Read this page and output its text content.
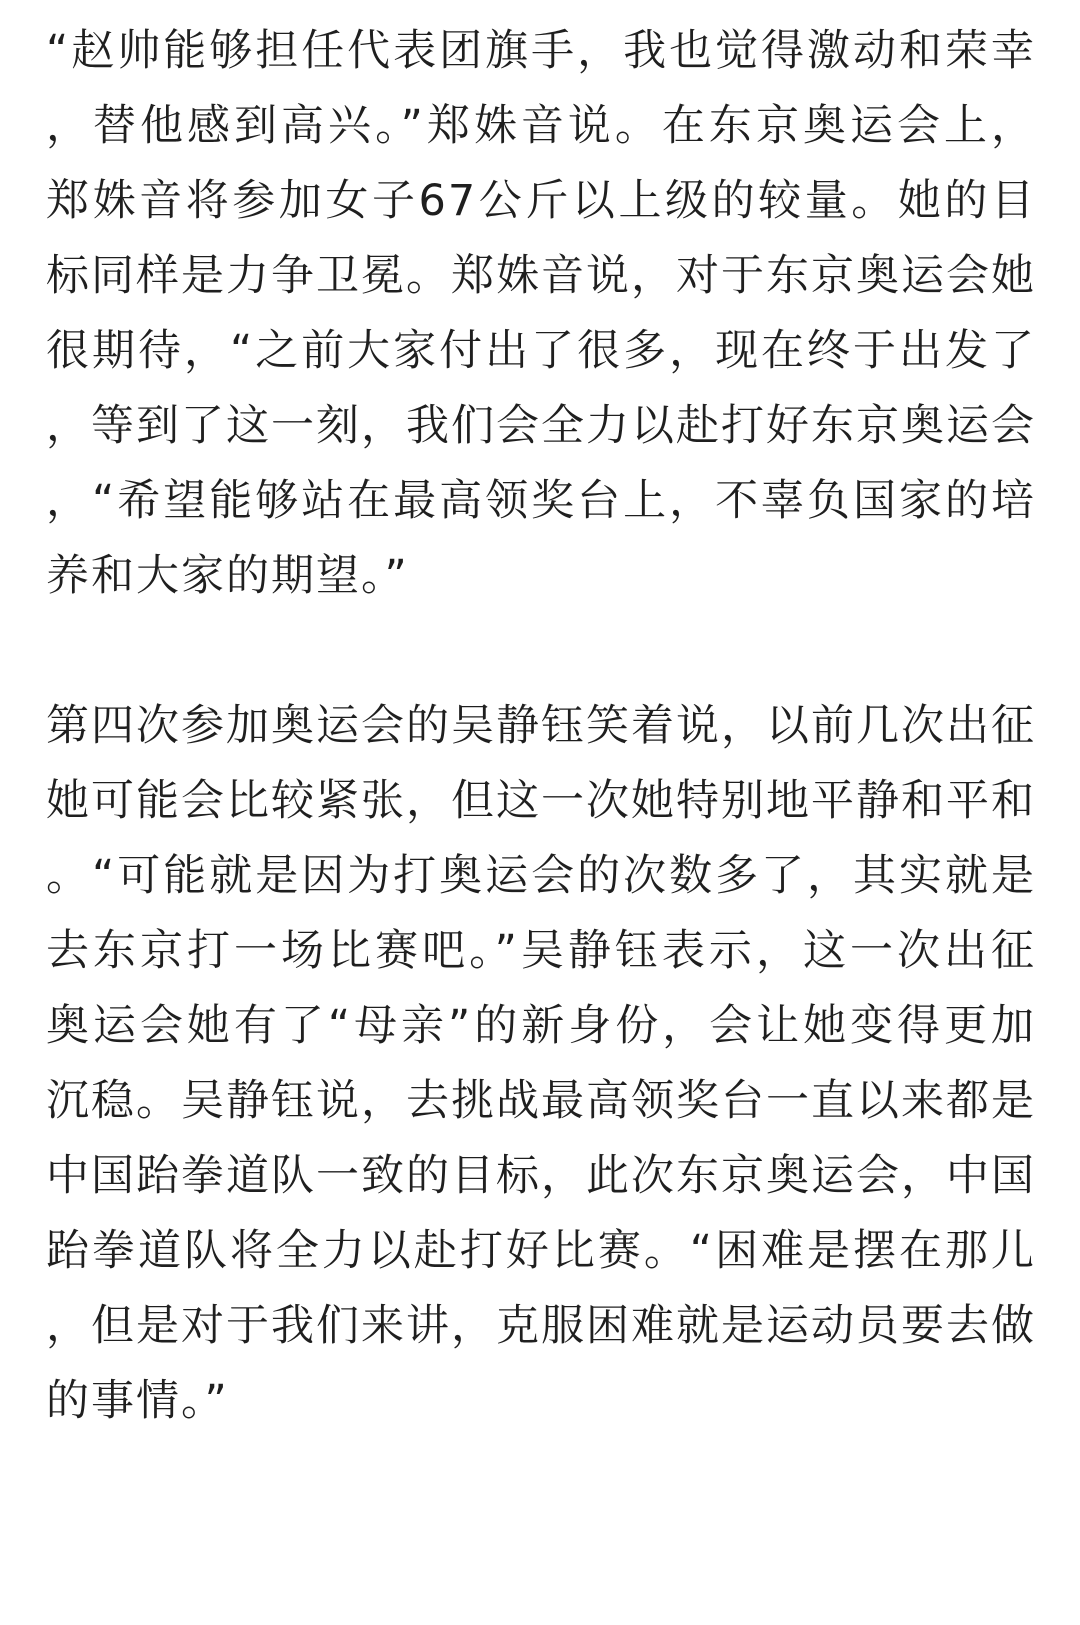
“赵帅能够担任代表团旗手，我也觉得激动和荣幸，替他感到高兴。”郑姝音说。在东京奥运会上，郑姝音将参加女子67公斤以上级的较量。她的目标同样是力争卫冕。郑姝音说，对于东京奥运会她很期待，“之前大家付出了很多，现在终于出发了，等到了这一刻，我们会全力以赴打好东京奥运会，“希望能够站在最高领奖台上，不辜负国家的培养和大家的期望。”

第四次参加奥运会的吴静钰笑着说，以前几次出征她可能会比较紧张，但这一次她特别地平静和平和。“可能就是因为打奥运会的次数多了，其实就是去东京打一场比赛吧。”吴静钰表示，这一次出征奥运会她有了“母亲”的新身份，会让她变得更加沉稳。吴静钰说，去挑战最高领奖台一直以来都是中国跆拳道队一致的目标，此次东京奥运会，中国跆拳道队将全力以赴打好比赛。“困难是摆在那儿，但是对于我们来讲，克服困难就是运动员要去做的事情。”
